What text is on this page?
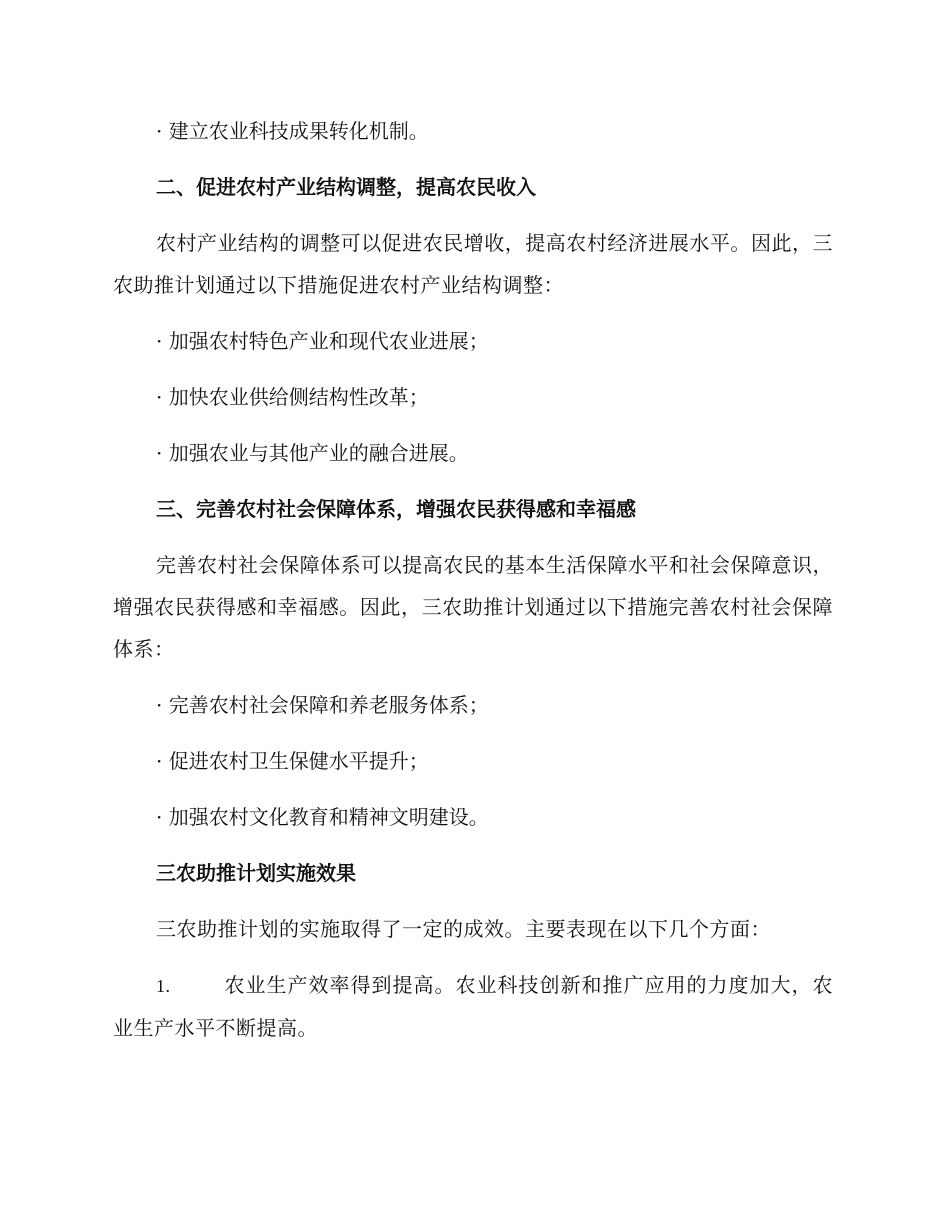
· 建立农业科技成果转化机制。
二、促进农村产业结构调整，提高农民收入
农村产业结构的调整可以促进农民增收，提高农村经济进展水平。因此，三农助推计划通过以下措施促进农村产业结构调整：
· 加强农村特色产业和现代农业进展；
· 加快农业供给侧结构性改革；
· 加强农业与其他产业的融合进展。
三、完善农村社会保障体系，增强农民获得感和幸福感
完善农村社会保障体系可以提高农民的基本生活保障水平和社会保障意识，增强农民获得感和幸福感。因此，三农助推计划通过以下措施完善农村社会保障体系：
· 完善农村社会保障和养老服务体系；
· 促进农村卫生保健水平提升；
· 加强农村文化教育和精神文明建设。
三农助推计划实施效果
三农助推计划的实施取得了一定的成效。主要表现在以下几个方面：
1.	农业生产效率得到提高。农业科技创新和推广应用的力度加大，农业生产水平不断提高。
